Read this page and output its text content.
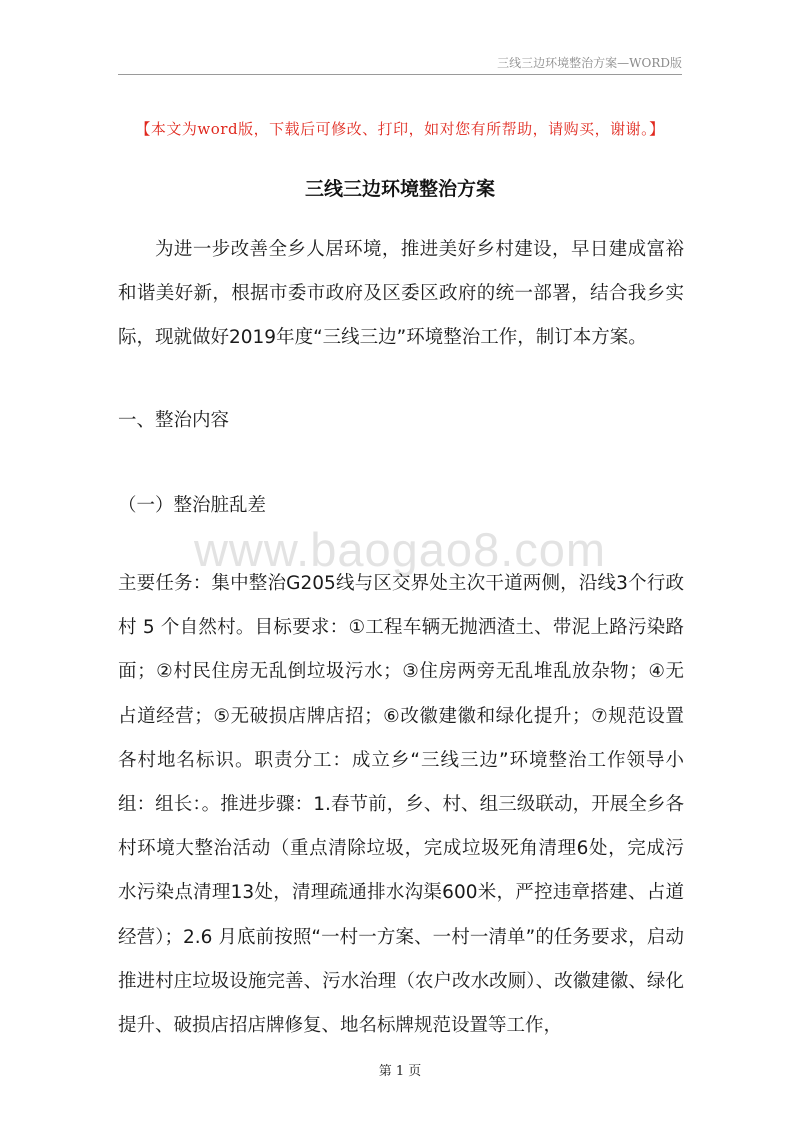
三线三边环境整治方案—WORD版
【本文为word版，下载后可修改、打印，如对您有所帮助，请购买，谢谢。】
三线三边环境整治方案
为进一步改善全乡人居环境，推进美好乡村建设，早日建成富裕和谐美好新，根据市委市政府及区委区政府的统一部署，结合我乡实际，现就做好2019年度“三线三边”环境整治工作，制订本方案。
一、整治内容
（一）整治脏乱差
www.baogao8.com
主要任务：集中整治G205线与区交界处主次干道两侧，沿线3个行政村 5 个自然村。目标要求：①工程车辆无抛洒渣土、带泥上路污染路面；②村民住房无乱倒垃圾污水；③住房两旁无乱堆乱放杂物；④无占道经营；⑤无破损店牌店招；⑥改徽建徽和绿化提升；⑦规范设置各村地名标识。职责分工：成立乡“三线三边”环境整治工作领导小组：组长：。推进步骤：1.春节前，乡、村、组三级联动，开展全乡各村环境大整治活动（重点清除垃圾，完成垃圾死角清理6处，完成污水污染点清理13处，清理疏通排水沟渠600米，严控违章搭建、占道经营）；2.6 月底前按照“一村一方案、一村一清单”的任务要求，启动推进村庄垃圾设施完善、污水治理（农户改水改厕）、改徽建徽、绿化提升、破损店招店牌修复、地名标牌规范设置等工作，
第 1 页
